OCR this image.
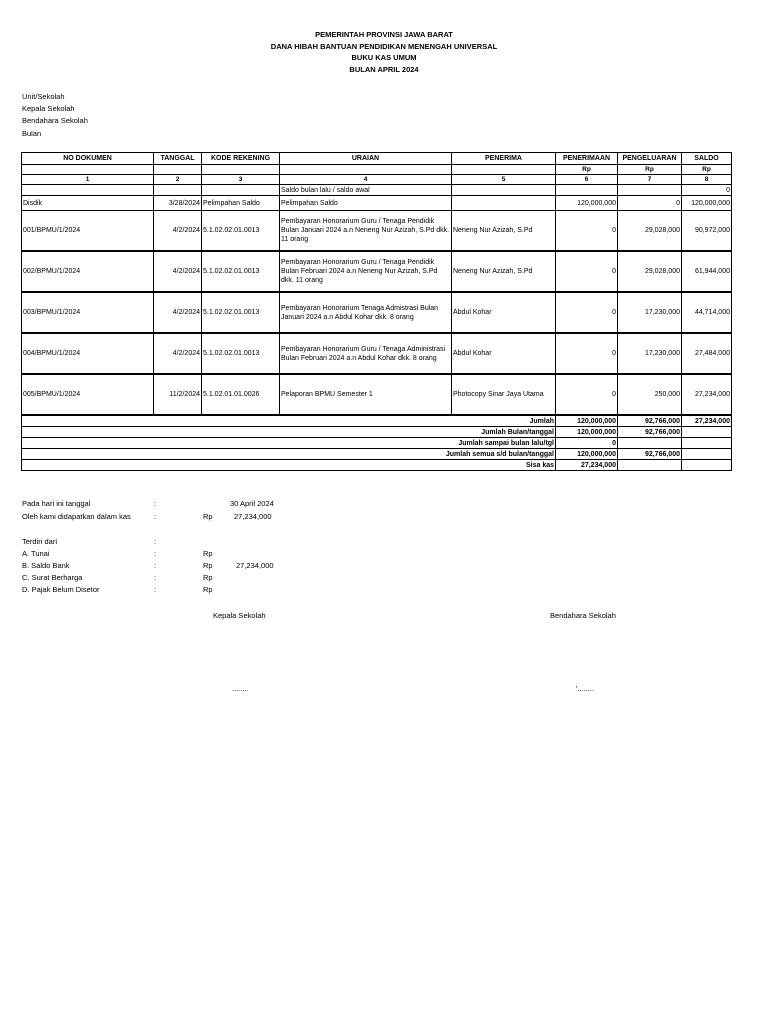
PEMERINTAH PROVINSI JAWA BARAT
DANA HIBAH BANTUAN PENDIDIKAN MENENGAH UNIVERSAL
BUKU KAS UMUM
BULAN APRIL 2024
Unit/Sekolah
Kepala Sekolah
Bendahara Sekolah
Bulan
NO DOKUMEN	TANGGAL	KODE REKENING	URAIAN	PENERIMA	PENERIMAAN	PENGELUARAN	SALDO
					Rp	Rp	Rp
1	2	3	4	5	6	7	8
			Saldo bulan lalu / saldo awal				0
Disdik	3/28/2024	Pelimpahan Saldo	Pelimpahan Saldo		120,000,000	0	120,000,000
001/BPMU/1/2024	4/2/2024	5.1.02.02.01.0013	Pembayaran Honorarium Guru / Tenaga Pendidik Bulan Januari 2024 a.n Neneng Nur Azizah, S.Pd dkk. 11 orang	Neneng Nur Azizah, S.Pd	0	29,028,000	90,972,000
002/BPMU/1/2024	4/2/2024	5.1.02.02.01.0013	Pembayaran Honorarium Guru / Tenaga Pendidik Bulan Februari 2024 a.n Neneng Nur Azizah, S.Pd dkk. 11 orang	Neneng Nur Azizah, S.Pd	0	29,028,000	61,944,000
003/BPMU/1/2024	4/2/2024	5.1.02.02.01.0013	Pembayaran Honorarium Tenaga Admistrasi Bulan Januari 2024 a.n Abdul Kohar dkk. 8 orang	Abdul Kohar	0	17,230,000	44,714,000
004/BPMU/1/2024	4/2/2024	5.1.02.02.01.0013	Pembayaran Honorarium Guru / Tenaga Administrasi Bulan Februari 2024 a.n Abdul Kohar dkk. 8 orang	Abdul Kohar	0	17,230,000	27,484,000
005/BPMU/1/2024	11/2/2024	5.1.02.01.01.0026	Pelaporan BPMU Semester 1	Photocopy Sinar Jaya Utama	0	250,000	27,234,000
Jumlah					120,000,000	92,766,000	27,234,000
Jumlah Bulan/tanggal					120,000,000	92,766,000	
Jumlah sampai bulan lalu/tgl					0		
Jumlah semua s/d bulan/tanggal					120,000,000	92,766,000	
Sisa kas					27,234,000		
Pada hari ini tanggal	:	30 April 2024
Oleh kami didapatkan dalam kas	:	Rp	27,234,000
Terdiri dari	:
A. Tunai	:	Rp
B. Saldo Bank	:	Rp	27,234,000
C. Surat Berharga	:	Rp
D. Pajak Belum Disetor	:	Rp
Kepala Sekolah	Bendahara Sekolah
........	'........
